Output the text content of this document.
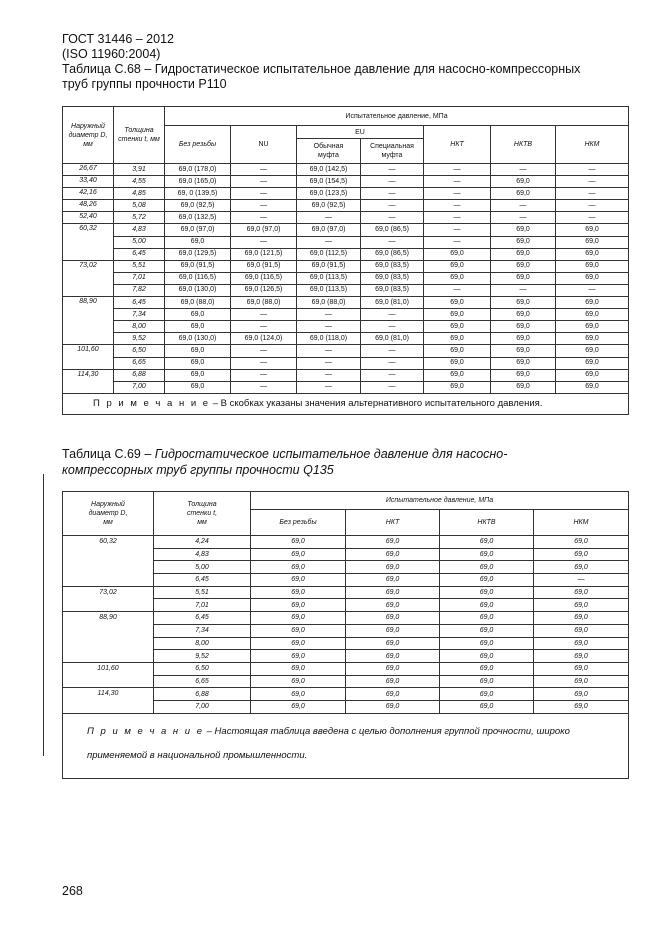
ГОСТ 31446 – 2012
(ISO 11960:2004)
Таблица С.68 – Гидростатическое испытательное давление для насосно-компрессорных
труб группы прочности Р110
Наружный диаметр D, мм	Толщина стенки t, мм	Испытательное давление, МПа						
		Без резьбы	NU	EU		НКТ	НКТВ	НКМ
				Обычная муфта	Специальная муфта			
26,67	3,91	69,0 (178,0)	—	69,0 (142,5)	—	—	—	—
33,40	4,55	69,0 (165,0)	—	69,0 (154,5)	—	—	69,0	—
42,16	4,85	69, 0 (139,5)	—	69,0 (123,5)	—	—	69,0	—
48,26	5,08	69,0 (92,5)	—	69,0 (92,5)	—	—	—	—
52,40	5,72	69,0 (132,5)	—	—	—	—	—	—
60,32	4,83	69,0 (97,0)	69,0 (97,0)	69,0 (97,0)	69,0 (86,5)	—	69,0	69,0
	5,00	69,0	—	—	—	—	69,0	69,0
	6,45	69,0 (129,5)	69,0 (121,5)	69,0 (112,5)	69,0 (86,5)	69,0	69,0	69,0
73,02	5,51	69,0 (91,5)	69,0 (91,5)	69,0 (91,5)	69,0 (83,5)	69,0	69,0	69,0
	7,01	69,0 (116,5)	69,0 (116,5)	69,0 (113,5)	69,0 (83,5)	69,0	69,0	69,0
	7,82	69,0 (130,0)	69,0 (126,5)	69,0 (113,5)	69,0 (83,5)	—	—	—
88,90	6,45	69,0 (88,0)	69,0 (88,0)	69,0 (88,0)	69,0 (81,0)	69,0	69,0	69,0
	7,34	69,0	—	—	—	69,0	69,0	69,0
	8,00	69,0	—	—	—	69,0	69,0	69,0
	9,52	69,0 (130,0)	69,0 (124,0)	69,0 (118,0)	69,0 (81,0)	69,0	69,0	69,0
101,60	6,50	69,0	—	—	—	69,0	69,0	69,0
	6,65	69,0	—	—	—	69,0	69,0	69,0
114,30	6,88	69,0	—	—	—	69,0	69,0	69,0
	7,00	69,0	—	—	—	69,0	69,0	69,0
П р и м е ч а н и е – В скобках указаны значения альтернативного испытательного давления.								
Таблица С.69 – Гидростатическое испытательное давление для насосно-
компрессорных труб группы прочности Q135
Наружный диаметр D, мм	Толщина стенки t, мм	Испытательное давление, МПа			
		Без резьбы	НКТ	НКТВ	НКМ
60,32	4,24	69,0	69,0	69,0	69,0
	4,83	69,0	69,0	69,0	69,0
	5,00	69,0	69,0	69,0	69,0
	6,45	69,0	69,0	69,0	—
73,02	5,51	69,0	69,0	69,0	69,0
	7,01	69,0	69,0	69,0	69,0
88,90	6,45	69,0	69,0	69,0	69,0
	7,34	69,0	69,0	69,0	69,0
	8,00	69,0	69,0	69,0	69,0
	9,52	69,0	69,0	69,0	69,0
101,60	6,50	69,0	69,0	69,0	69,0
	6,65	69,0	69,0	69,0	69,0
114,30	6,88	69,0	69,0	69,0	69,0
	7,00	69,0	69,0	69,0	69,0
П р и м е ч а н и е – Настоящая таблица введена с целью дополнения группой прочности, широко применяемой в национальной промышленности.					
268
